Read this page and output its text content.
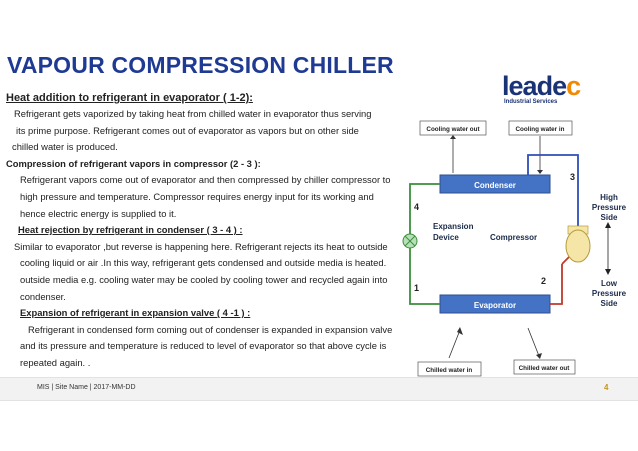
VAPOUR COMPRESSION CHILLER
Heat addition to refrigerant in evaporator ( 1-2):
Refrigerant gets vaporized by taking heat from chilled water in evaporator thus serving
its prime purpose. Refrigerant comes out of evaporator as vapors but on other side
chilled water is produced.
Compression of refrigerant vapors in compressor (2 - 3 ):
Refrigerant vapors come out of evaporator and then compressed by chiller compressor to
high pressure and temperature. Compressor requires energy input for its working and
hence electric energy is supplied to it.
Heat rejection by refrigerant in condenser ( 3 - 4 ) :
Similar to evaporator ,but reverse is happening here. Refrigerant rejects its heat to outside
cooling liquid or air .In this way, refrigerant gets condensed and outside media is heated.
outside media e.g. cooling water may be cooled by cooling tower and recycled again into
condenser.
Expansion of refrigerant in expansion valve ( 4 -1 ) :
Refrigerant in condensed form coming out of condenser is expanded in expansion valve
and its pressure and temperature is reduced to level of evaporator so that above cycle is
repeated again. .
leadec
Industrial Services
Condenser
Evaporator
Cooling water out	Cooling water in
Chilled water in	Chilled water out
Expansion
Device	Compressor
High
Pressure
Side
Low
Pressure
Side
4
1
2
3
MIS | Site Name | 2017-MM-DD	4
